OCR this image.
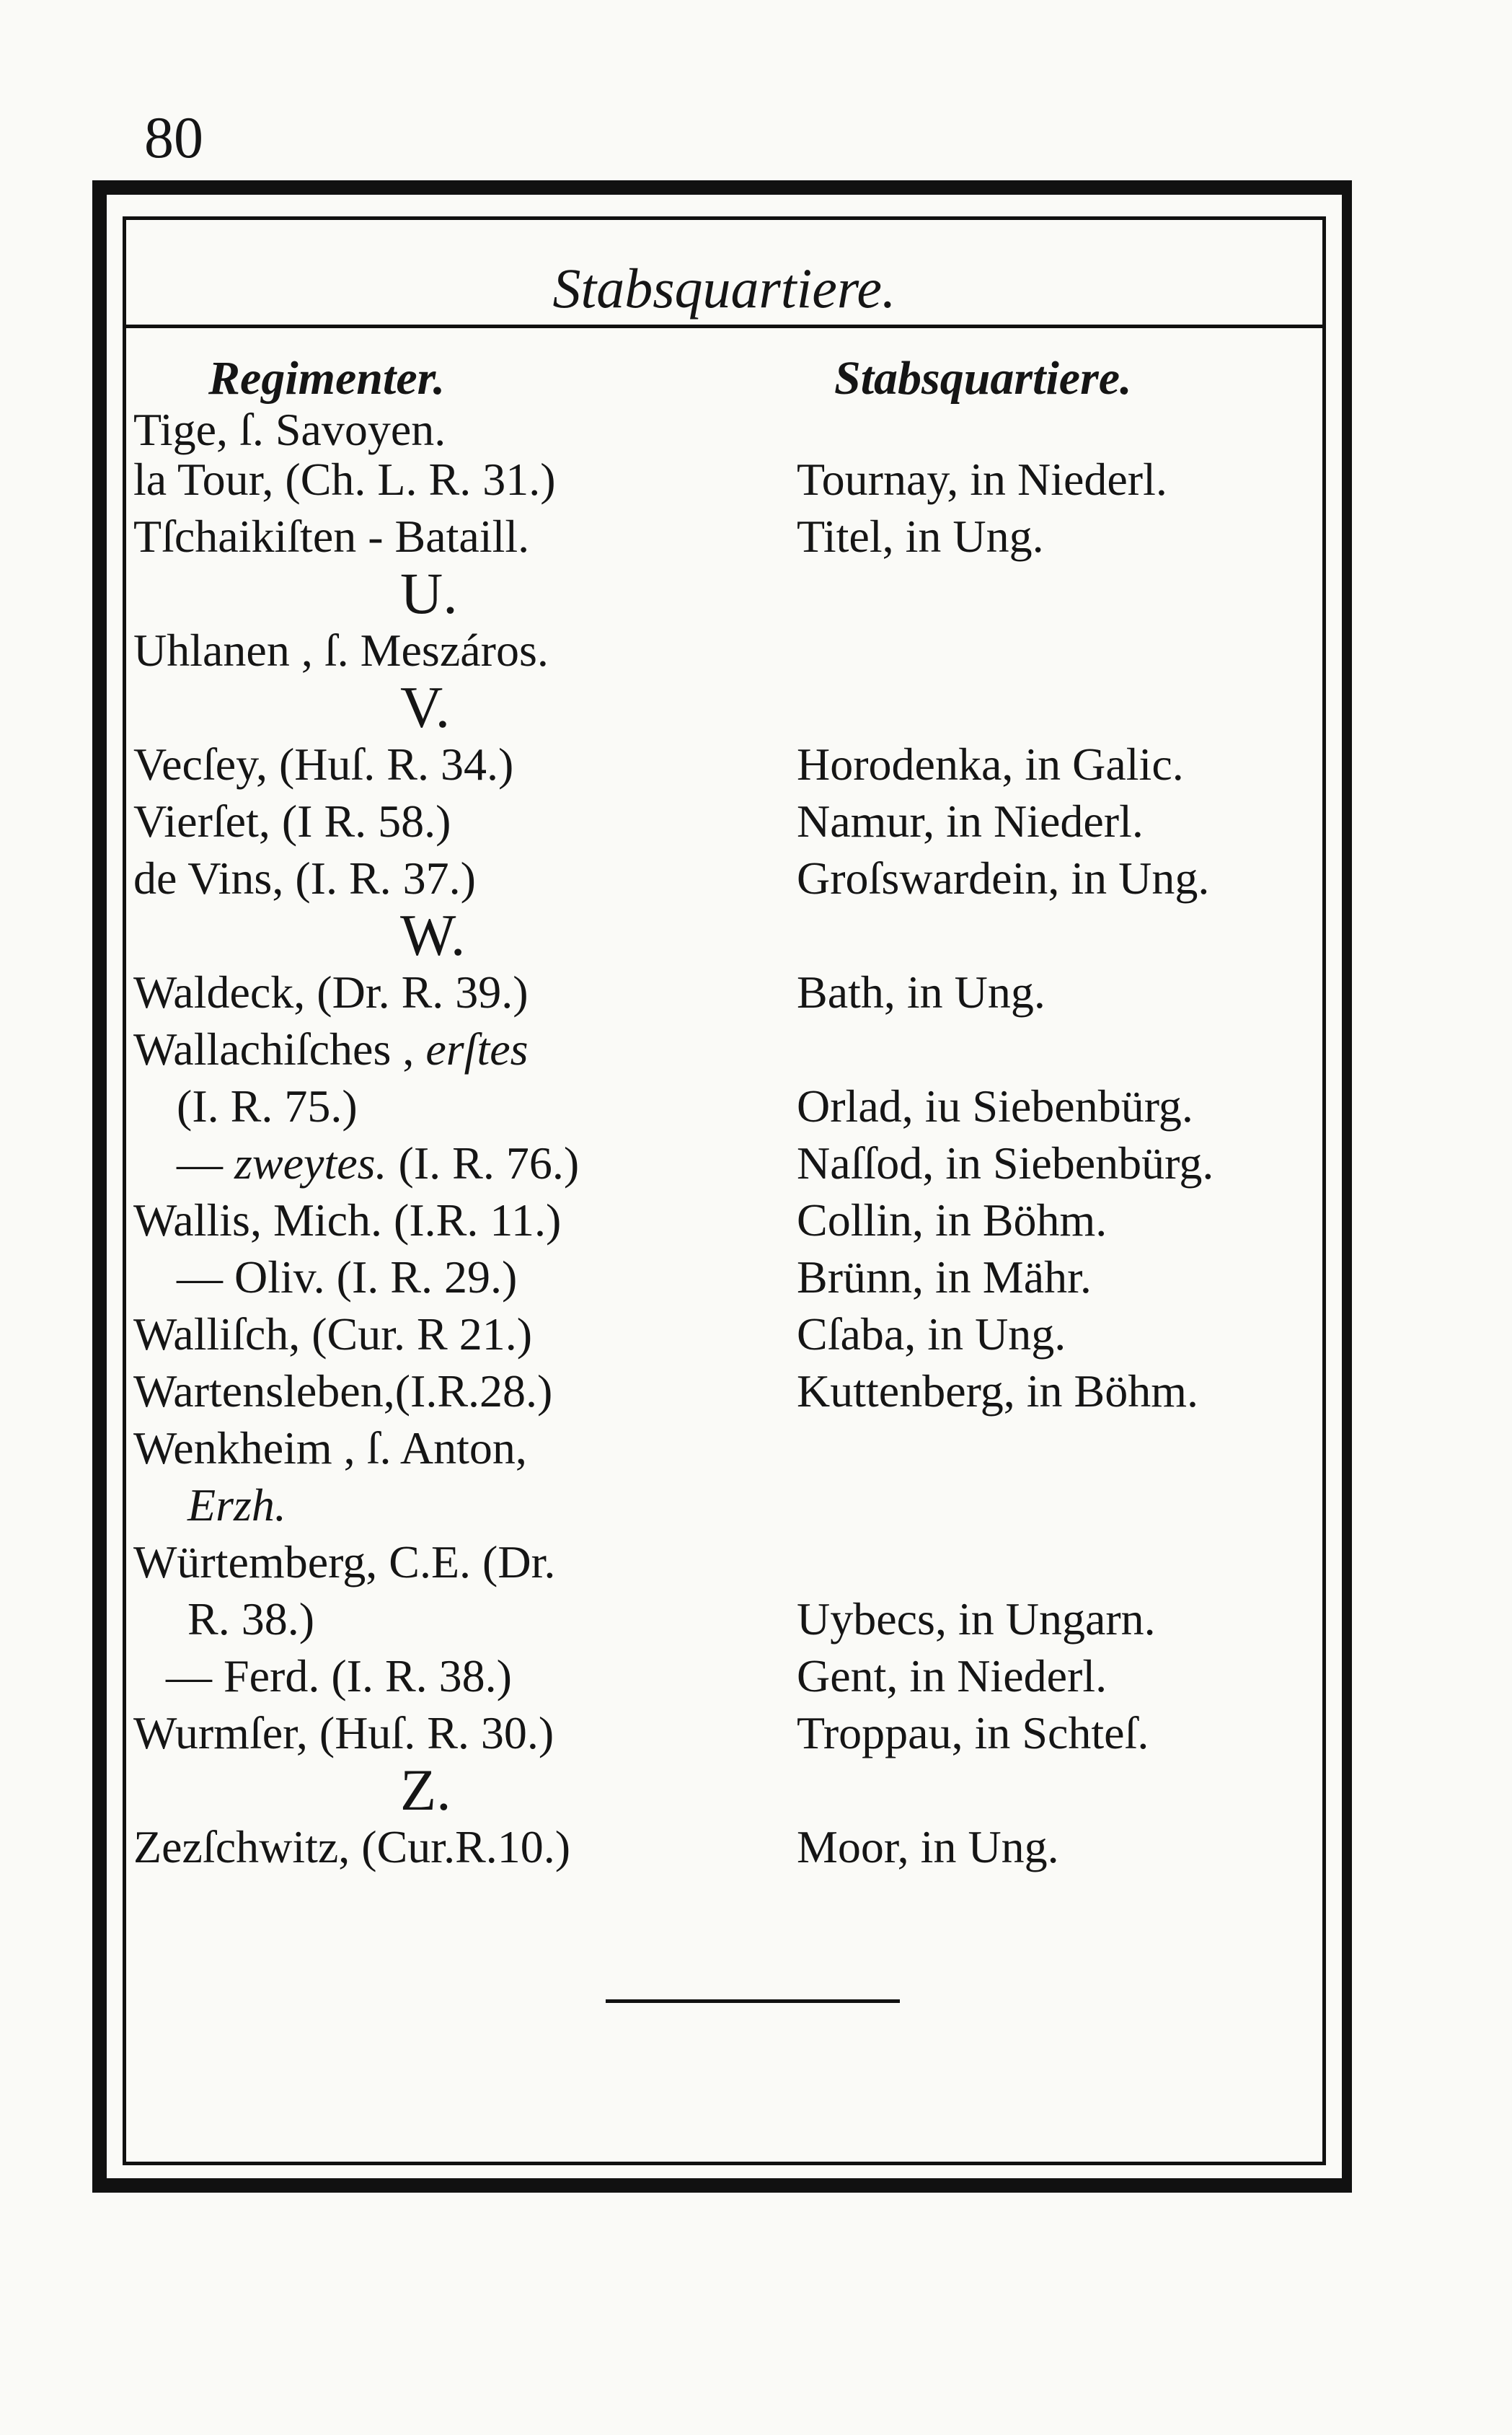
80
Stabsquartiere.
Regimenter.	Stabsquartiere.
Tige, ſ. Savoyen.
la Tour, (Ch. L. R. 31.)	Tournay, in Niederl.
Tſchaikiſten - Bataill.	Titel, in Ung.
U.
Uhlanen , ſ. Meszáros.
V.
Vecſey, (Huſ. R. 34.)	Horodenka, in Galic.
Vierſet, (I R. 58.)	Namur, in Niederl.
de Vins, (I. R. 37.)	Groſswardein, in Ung.
W.
Waldeck, (Dr. R. 39.)	Bath, in Ung.
Wallachiſches , erſtes
(I. R. 75.)	Orlad, iu Siebenbürg.
— zweytes. (I. R. 76.)	Naſſod, in Siebenbürg.
Wallis, Mich. (I.R. 11.)	Collin, in Böhm.
— Oliv. (I. R. 29.)	Brünn, in Mähr.
Walliſch, (Cur. R 21.)	Cſaba, in Ung.
Wartensleben,(I.R.28.)	Kuttenberg, in Böhm.
Wenkheim , ſ. Anton,
Erzh.
Würtemberg, C.E. (Dr.
R. 38.)	Uybecs, in Ungarn.
— Ferd. (I. R. 38.)	Gent, in Niederl.
Wurmſer, (Huſ. R. 30.)	Troppau, in Schteſ.
Z.
Zezſchwitz, (Cur.R.10.)	Moor, in Ung.
